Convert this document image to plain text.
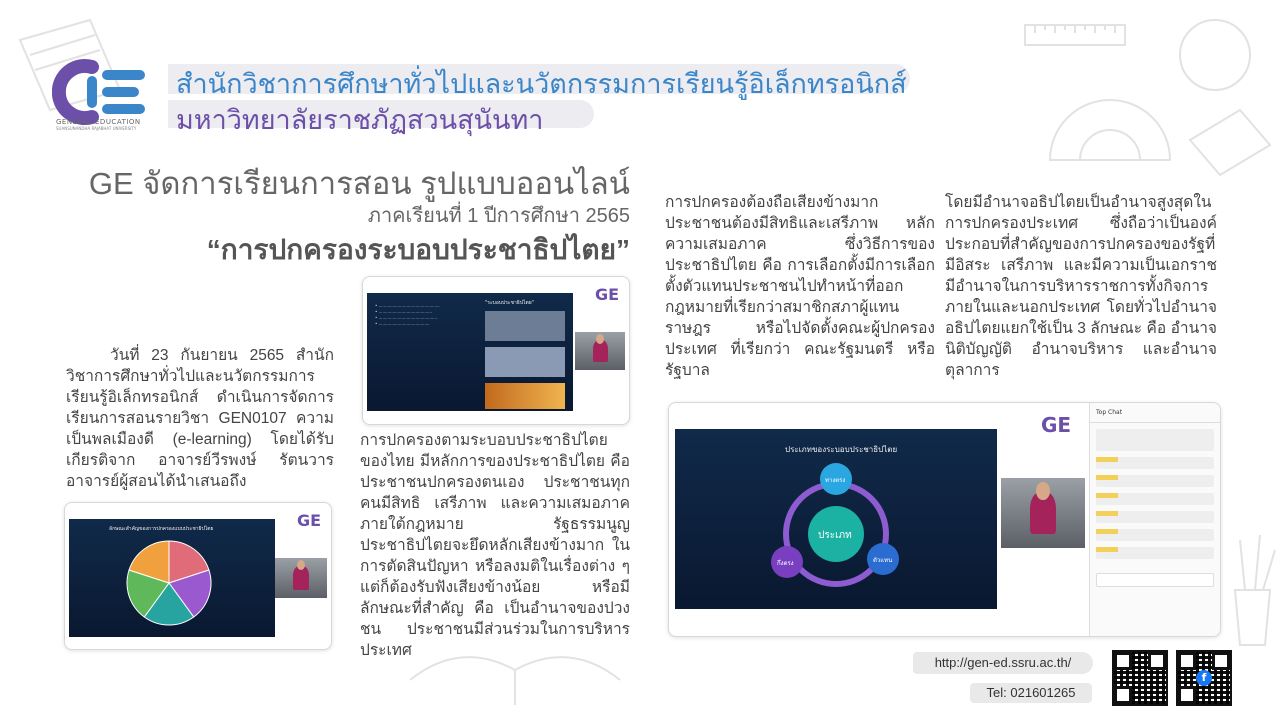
GENERAL EDUCATION
SUANSUNANDHA RAJABHAT UNIVERSITY
สำนักวิชาการศึกษาทั่วไปและนวัตกรรมการเรียนรู้อิเล็กทรอนิกส์
มหาวิทยาลัยราชภัฏสวนสุนันทา
GE จัดการเรียนการสอน รูปแบบออนไลน์
ภาคเรียนที่ 1 ปีการศึกษา 2565
“การปกครองระบอบประชาธิปไตย”

วันที่ 23 กันยายน 2565 สำนักวิชาการศึกษาทั่วไปและนวัตกรรมการเรียนรู้อิเล็กทรอนิกส์ ดำเนินการจัดการเรียนการสอนรายวิชา GEN0107 ความเป็นพลเมืองดี (e-learning) โดยได้รับเกียรติจาก อาจารย์วีรพงษ์ รัตนวาร อาจารย์ผู้สอนได้นำเสนอถึง

การปกครองตามระบอบประชาธิปไตยของไทย มีหลักการของประชาธิปไตย คือ ประชาชนปกครองตนเอง ประชาชนทุกคนมีสิทธิ เสรีภาพ และความเสมอภาค ภายใต้กฎหมาย รัฐธรรมนูญประชาธิปไตยจะยึดหลักเสียงข้างมาก ในการตัดสินปัญหา หรือลงมติในเรื่องต่าง ๆ แต่ก็ต้องรับฟังเสียงข้างน้อย หรือมีลักษณะที่สำคัญ คือ เป็นอำนาจของปวงชน ประชาชนมีส่วนร่วมในการบริหารประเทศ

การปกครองต้องถือเสียงข้างมาก ประชาชนต้องมีสิทธิและเสรีภาพ หลักความเสมอภาค ซึ่งวิธีการของประชาธิปไตย คือ การเลือกตั้งมีการเลือกตั้งตัวแทนประชาชนไปทำหน้าที่ออกกฎหมายที่เรียกว่าสมาชิกสภาผู้แทนราษฎร หรือไปจัดตั้งคณะผู้ปกครองประเทศ ที่เรียกว่า คณะรัฐมนตรี หรือ รัฐบาล

โดยมีอำนาจอธิปไตยเป็นอำนาจสูงสุดในการปกครองประเทศ ซึ่งถือว่าเป็นองค์ประกอบที่สำคัญของการปกครองของรัฐที่มีอิสระ เสรีภาพ และมีความเป็นเอกราช มีอำนาจในการบริหารราชการทั้งกิจการภายในและนอกประเทศ โดยทั่วไปอำนาจอธิปไตยแยกใช้เป็น 3 ลักษณะ คือ อำนาจนิติบัญญัติ อำนาจบริหาร และอำนาจตุลาการ

• ................................................
• ..........................................
• ..............................................
• ........................................
"ระบอบประชาธิปไตย"	GE
ลักษณะสำคัญของการปกครองแบบประชาธิปไตย	GE
ประเภทของระบอบประชาธิปไตย
ประเภท
ทางตรง
ตัวแทน
กึ่งตรง
GE
Top Chat
http://gen-ed.ssru.ac.th/
Tel: 021601265
f
